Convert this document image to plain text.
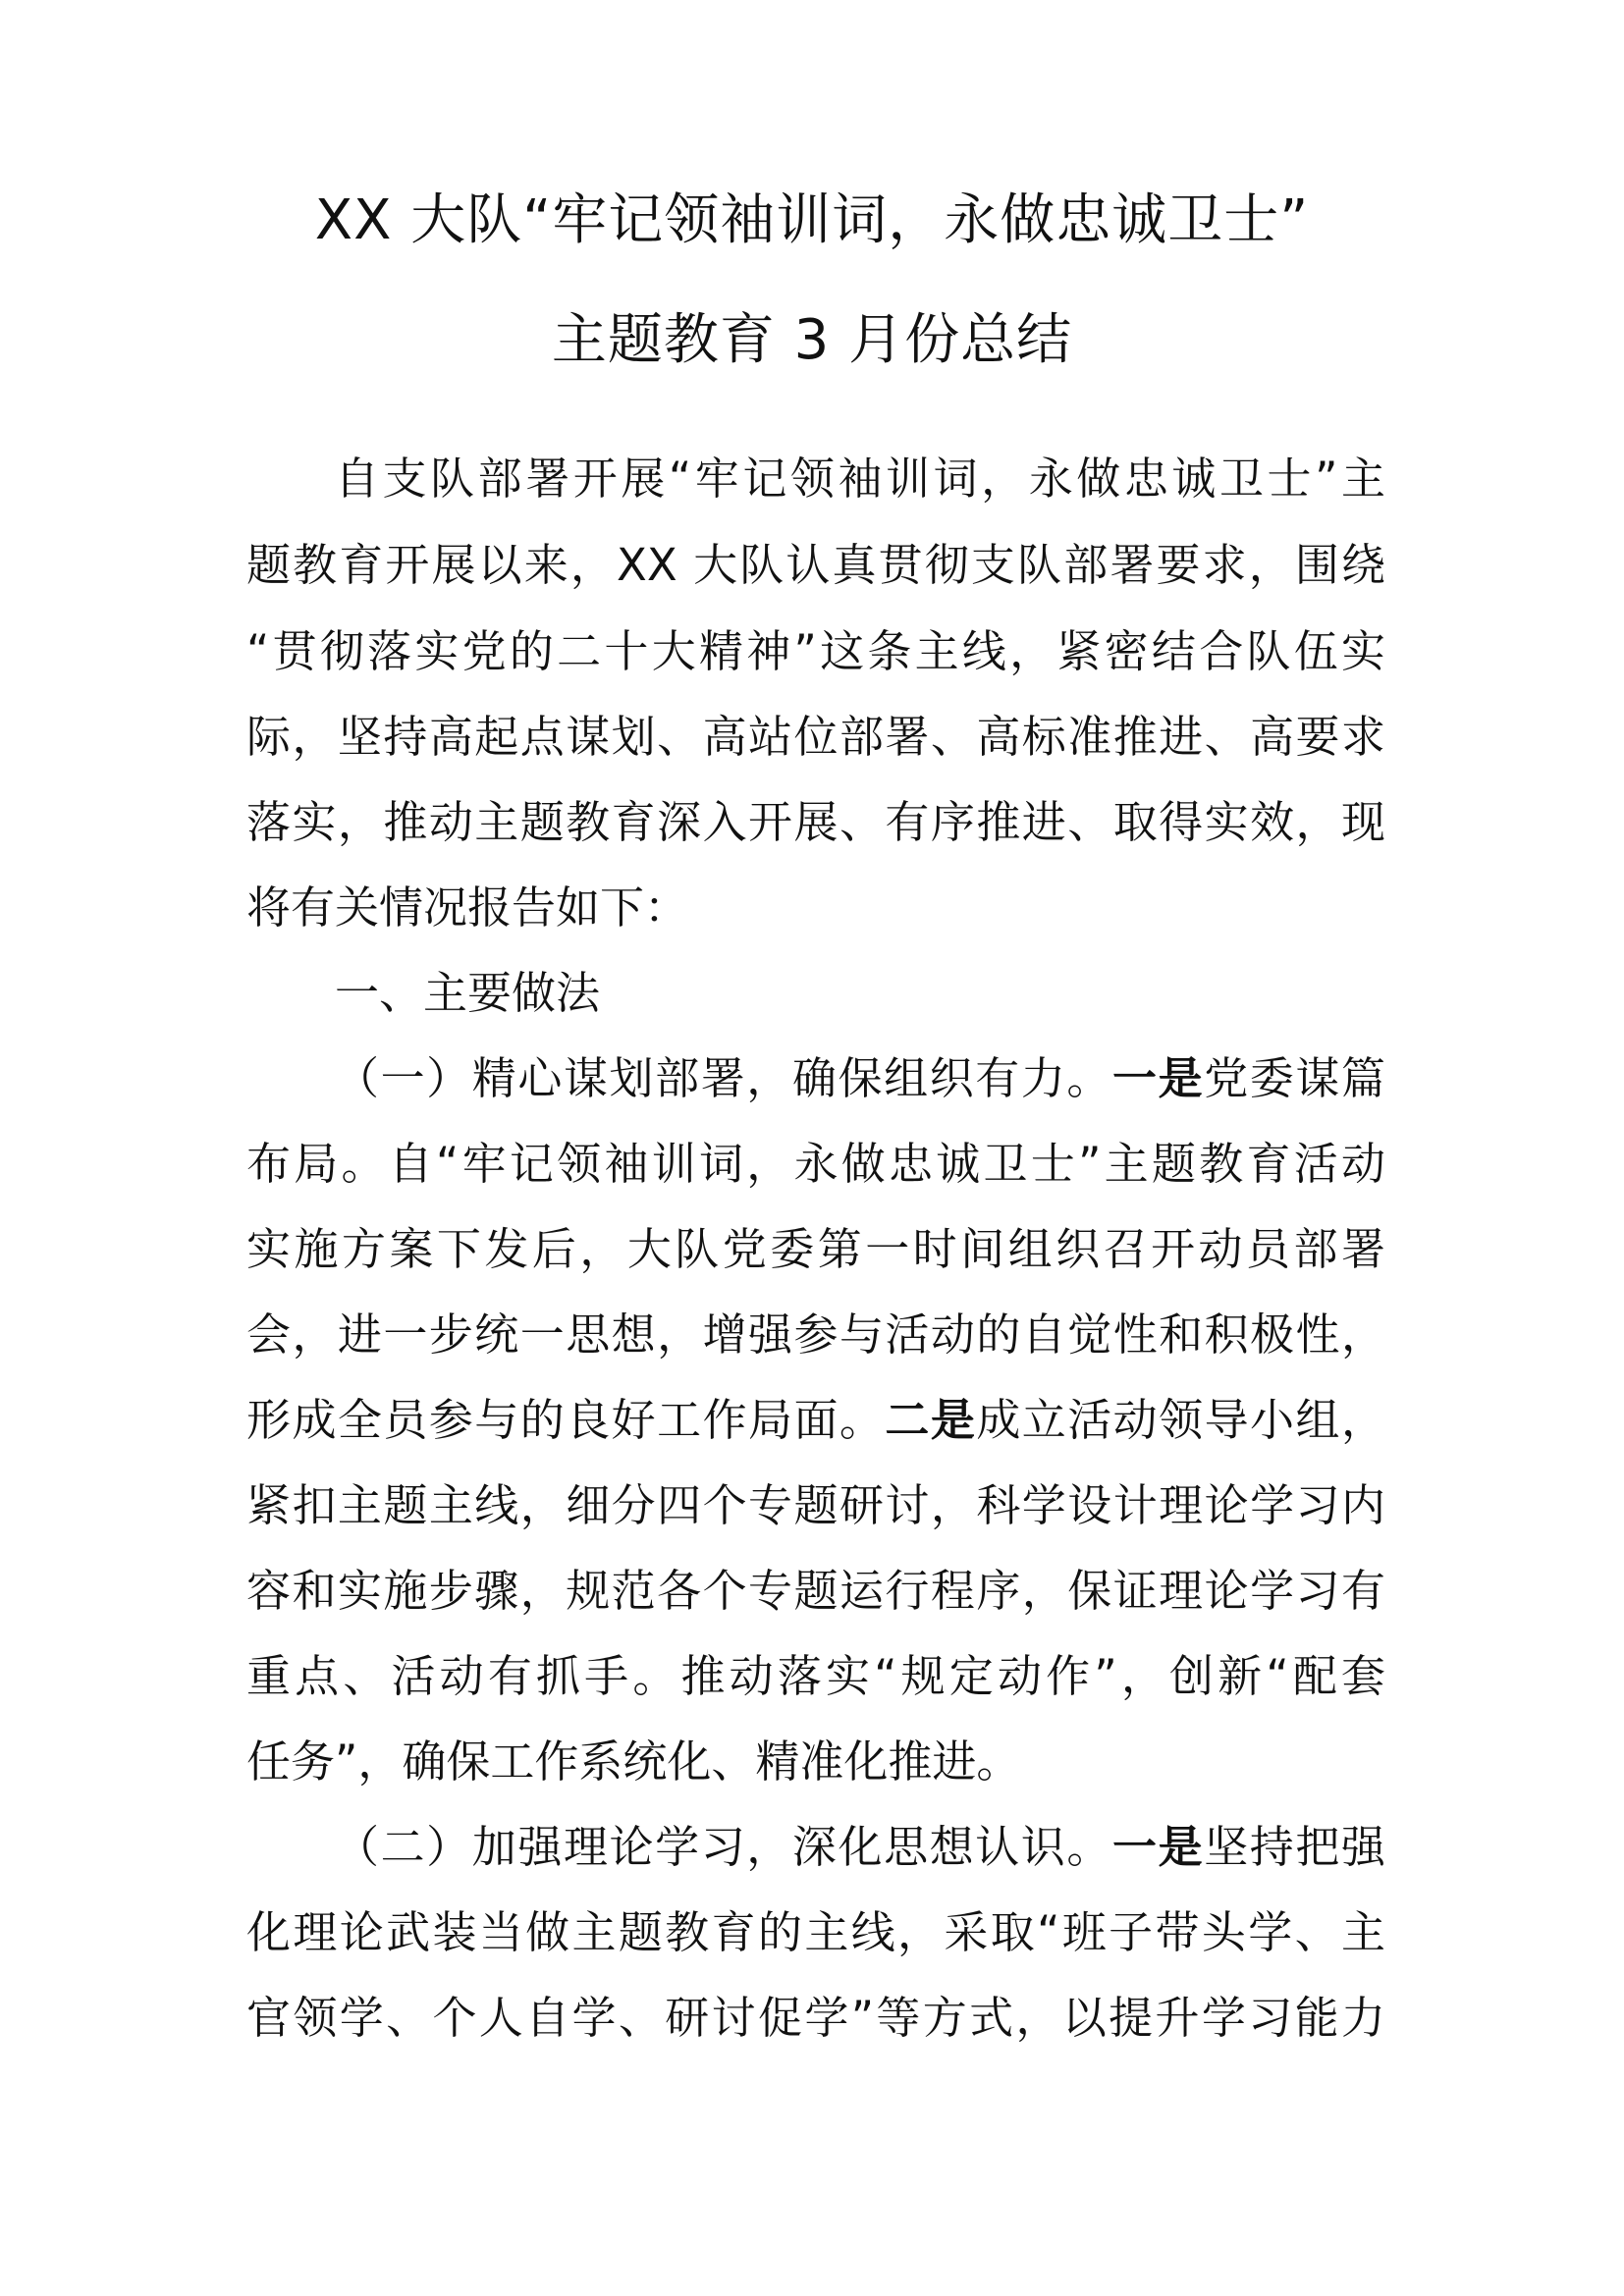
XX 大队“牢记领袖训词，永做忠诚卫士”
主题教育 3 月份总结

自支队部署开展“牢记领袖训词，永做忠诚卫士”主

题教育开展以来，XX 大队认真贯彻支队部署要求，围绕

“贯彻落实党的二十大精神”这条主线，紧密结合队伍实

际，坚持高起点谋划、高站位部署、高标准推进、高要求

落实，推动主题教育深入开展、有序推进、取得实效，现

将有关情况报告如下：

一、主要做法

（一）精心谋划部署，确保组织有力。一是党委谋篇

布局。自“牢记领袖训词，永做忠诚卫士”主题教育活动

实施方案下发后，大队党委第一时间组织召开动员部署

会，进一步统一思想，增强参与活动的自觉性和积极性，

形成全员参与的良好工作局面。二是成立活动领导小组，

紧扣主题主线，细分四个专题研讨，科学设计理论学习内

容和实施步骤，规范各个专题运行程序，保证理论学习有

重点、活动有抓手。推动落实“规定动作”，创新“配套

任务”，确保工作系统化、精准化推进。

（二）加强理论学习，深化思想认识。一是坚持把强

化理论武装当做主题教育的主线，采取“班子带头学、主

官领学、个人自学、研讨促学”等方式，以提升学习能力
